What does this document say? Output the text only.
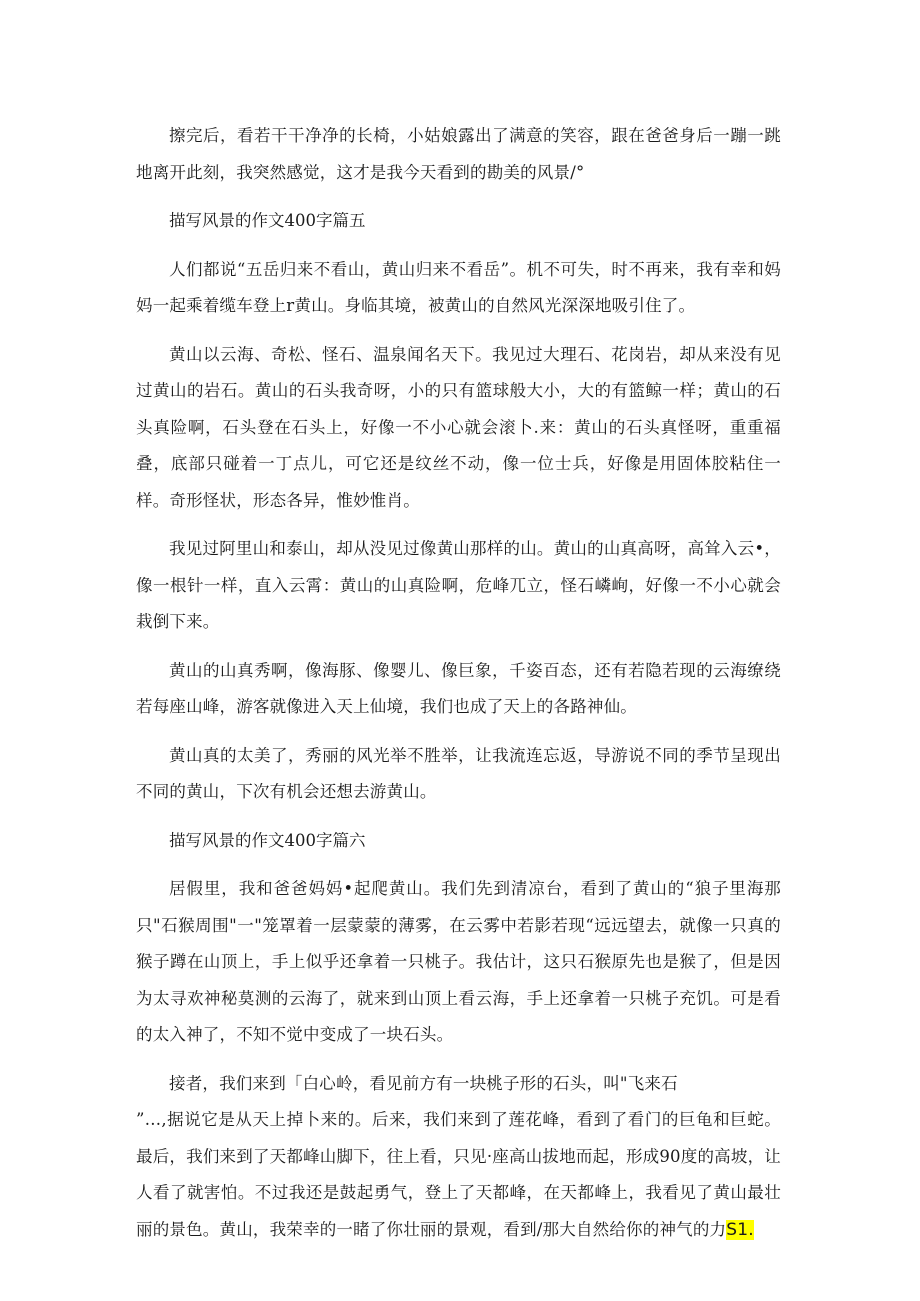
擦完后，看若干干净净的长椅，小姑娘露出了满意的笑容，跟在爸爸身后一蹦一跳地离开此刻，我突然感觉，这才是我今天看到的勘美的风景/°

描写风景的作文400字篇五

人们都说“五岳归来不看山，黄山归来不看岳”。机不可失，时不再来，我有幸和妈妈一起乘着缆车登上r黄山。身临其境，被黄山的自然风光深深地吸引住了。

黄山以云海、奇松、怪石、温泉闻名天下。我见过大理石、花岗岩，却从来没有见过黄山的岩石。黄山的石头我奇呀，小的只有篮球般大小，大的有篮鲸一样；黄山的石头真险啊，石头登在石头上，好像一不小心就会滚卜.来：黄山的石头真怪呀，重重福叠，底部只碰着一丁点儿，可它还是纹丝不动，像一位士兵，好像是用固体胶粘住一样。奇形怪状，形态各异，惟妙惟肖。

我见过阿里山和泰山，却从没见过像黄山那样的山。黄山的山真高呀，高耸入云•，像一根针一样，直入云霄：黄山的山真险啊，危峰兀立，怪石嶙峋，好像一不小心就会栽倒下来。

黄山的山真秀啊，像海豚、像婴儿、像巨象，千姿百态，还有若隐若现的云海缭绕若每座山峰，游客就像进入天上仙境，我们也成了天上的各路神仙。

黄山真的太美了，秀丽的风光举不胜举，让我流连忘返，导游说不同的季节呈现出不同的黄山，下次有机会还想去游黄山。

描写风景的作文400字篇六

居假里，我和爸爸妈妈•起爬黄山。我们先到清凉台，看到了黄山的“狼子里海那只"石猴周围"一"笼罩着一层蒙蒙的薄雾，在云雾中若影若现“远远望去，就像一只真的猴子蹲在山顶上，手上似乎还拿着一只桃子。我估计，这只石猴原先也是猴了，但是因为太寻欢神秘莫测的云海了，就来到山顶上看云海，手上还拿着一只桃子充饥。可是看的太入神了，不知不觉中变成了一块石头。

接者，我们来到「白心岭，看见前方有一块桃子形的石头，叫"飞来石
”…,据说它是从天上掉卜来的。后来，我们来到了莲花峰，看到了看门的巨龟和巨蛇。最后，我们来到了天都峰山脚下，往上看，只见·座高山拔地而起，形成90度的高坡，让人看了就害怕。不过我还是鼓起勇气，登上了天都峰，在天都峰上，我看见了黄山最壮丽的景色。黄山，我荣幸的一睹了你壮丽的景观，看到/那大自然给你的神气的力S1.
